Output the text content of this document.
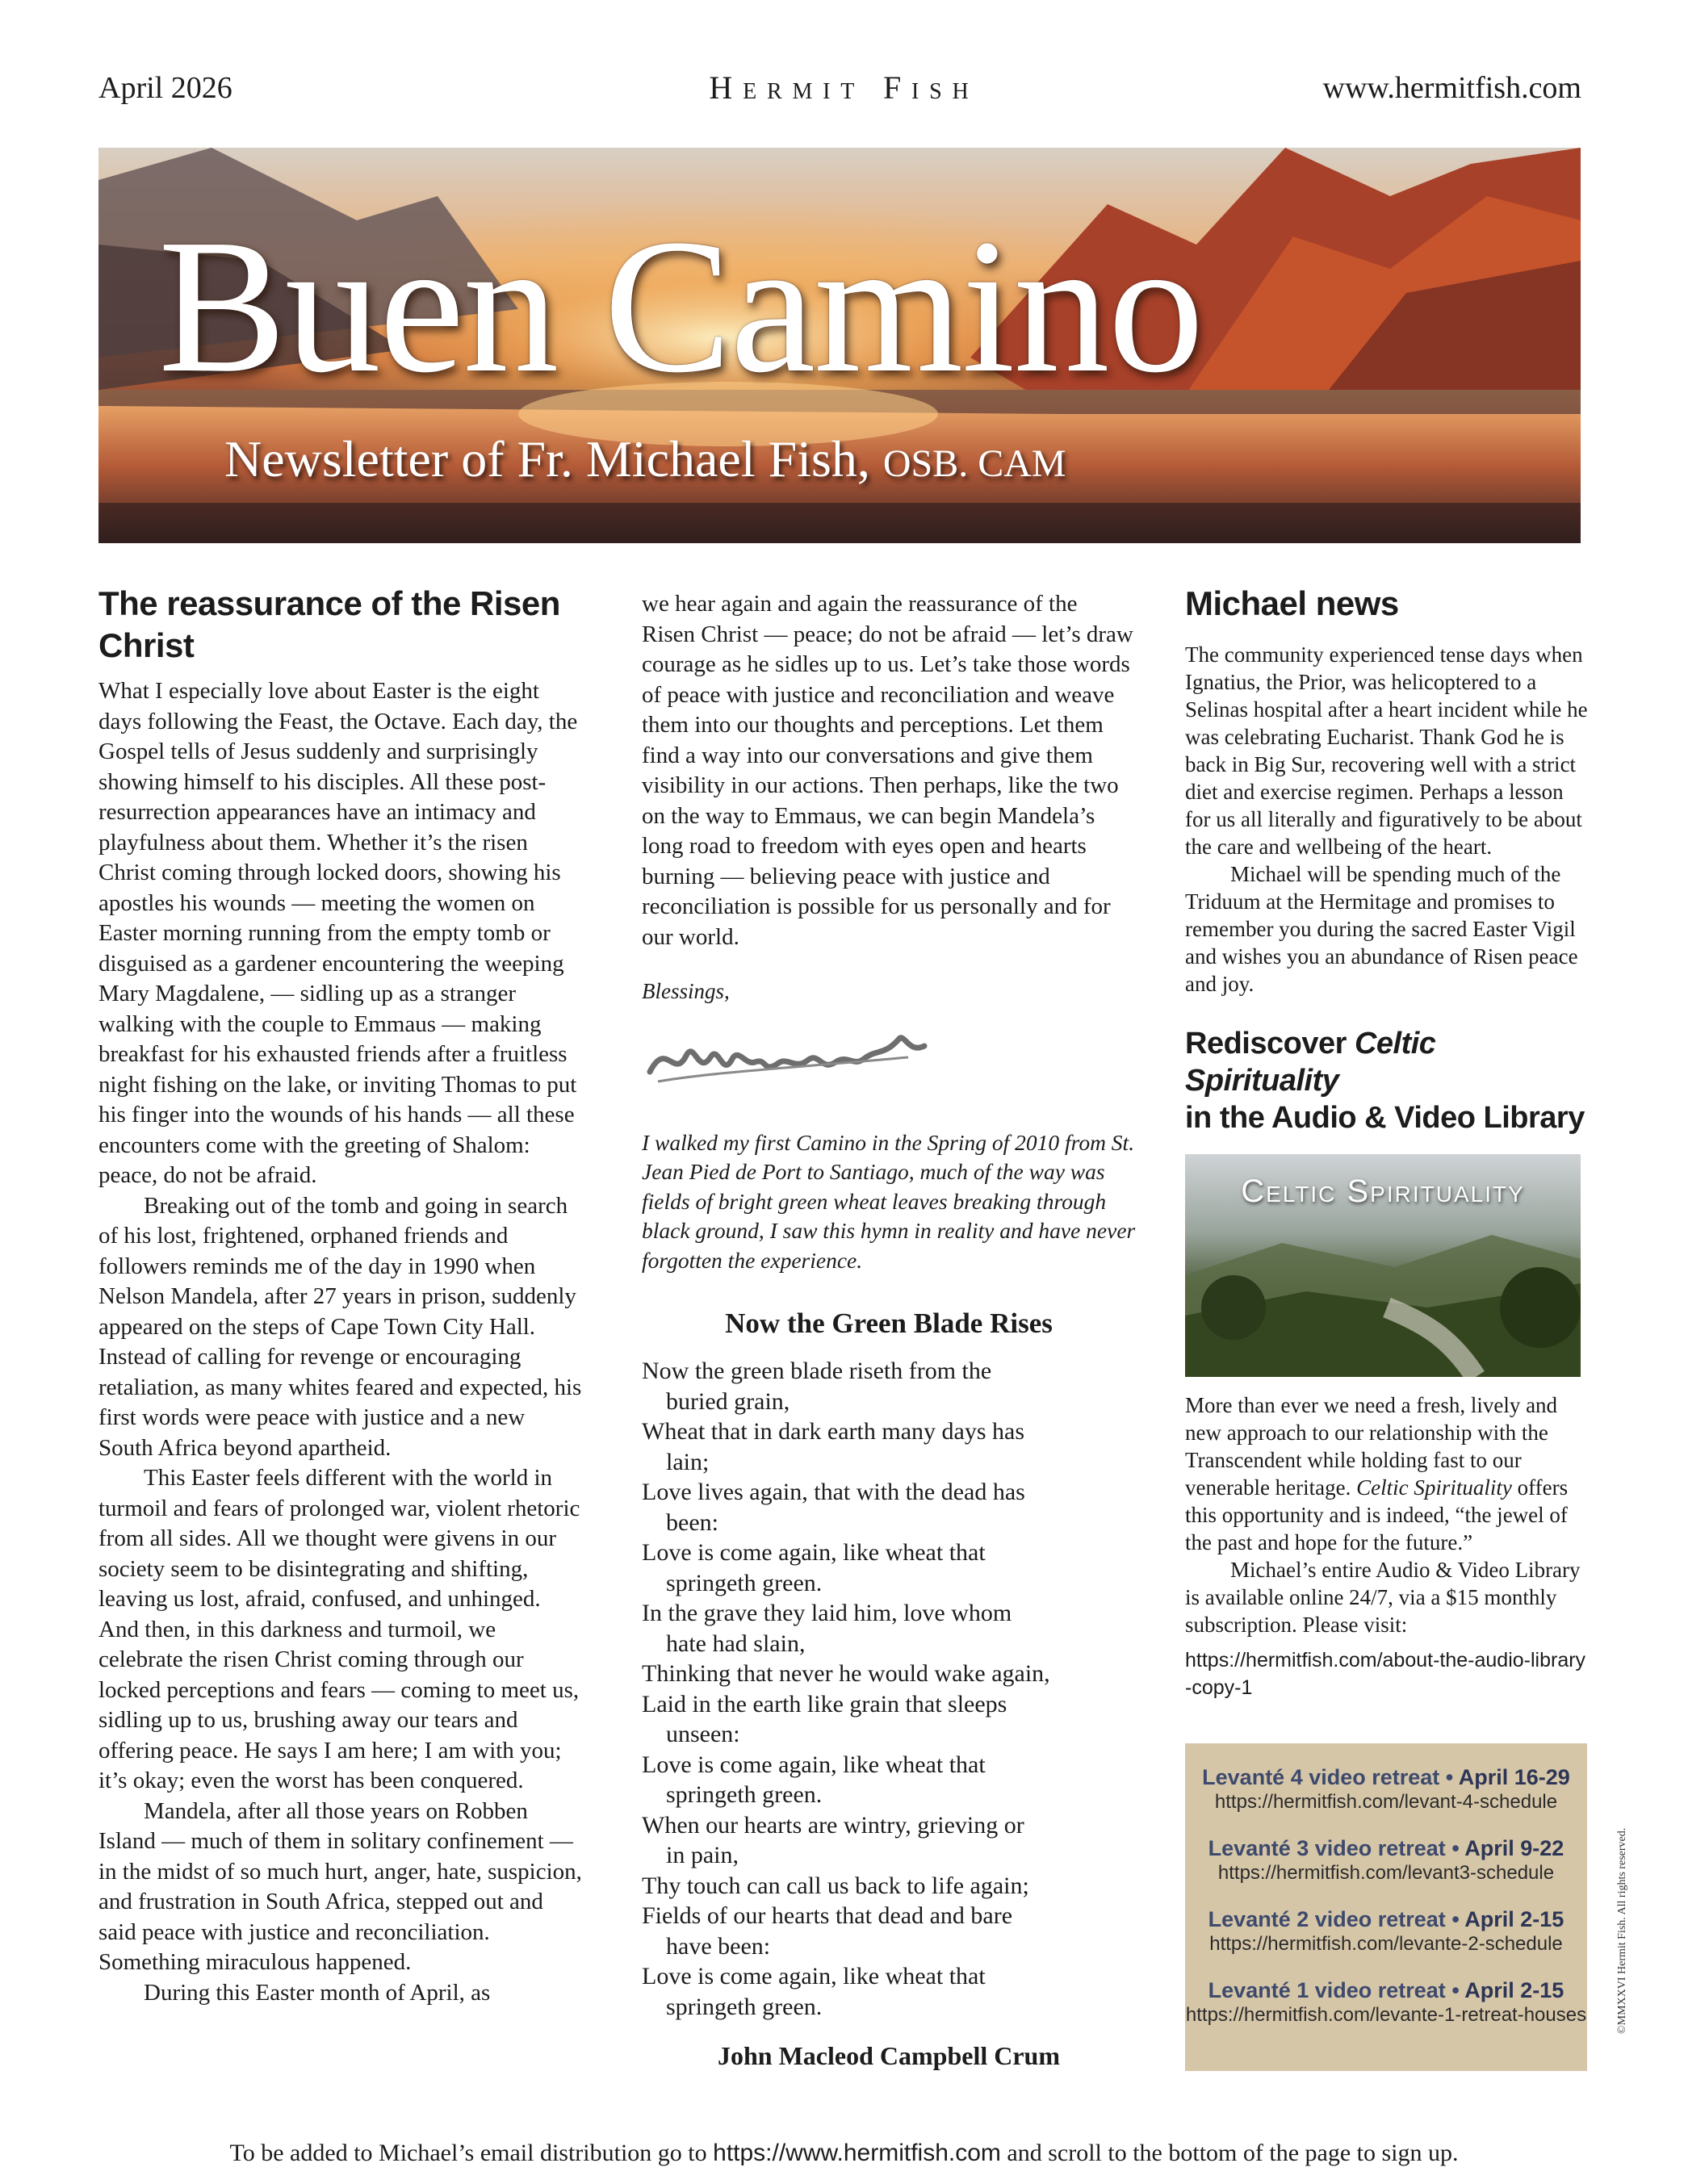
April 2026	Hermit Fish	www.hermitfish.com
Buen Camino
Newsletter of Fr. Michael Fish, OSB. CAM
The reassurance of the Risen Christ

What I especially love about Easter is the eight days following the Feast, the Octave. Each day, the Gospel tells of Jesus suddenly and surprisingly showing himself to his disciples. All these post-resurrection appearances have an intimacy and playfulness about them. Whether it’s the risen Christ coming through locked doors, showing his apostles his wounds — meeting the women on Easter morning running from the empty tomb or disguised as a gardener encountering the weeping Mary Magdalene, — sidling up as a stranger walking with the couple to Emmaus — making breakfast for his exhausted friends after a fruitless night fishing on the lake, or inviting Thomas to put his finger into the wounds of his hands — all these encounters come with the greeting of Shalom: peace, do not be afraid.

Breaking out of the tomb and going in search of his lost, frightened, orphaned friends and followers reminds me of the day in 1990 when Nelson Mandela, after 27 years in prison, suddenly appeared on the steps of Cape Town City Hall. Instead of calling for revenge or encouraging retaliation, as many whites feared and expected, his first words were peace with justice and a new South Africa beyond apartheid.

This Easter feels different with the world in turmoil and fears of prolonged war, violent rhetoric from all sides. All we thought were givens in our society seem to be disintegrating and shifting, leaving us lost, afraid, confused, and unhinged. And then, in this darkness and turmoil, we celebrate the risen Christ coming through our locked perceptions and fears — coming to meet us, sidling up to us, brushing away our tears and offering peace. He says I am here; I am with you; it’s okay; even the worst has been conquered.

Mandela, after all those years on Robben Island — much of them in solitary confinement — in the midst of so much hurt, anger, hate, suspicion, and frustration in South Africa, stepped out and said peace with justice and reconciliation. Something miraculous happened.

During this Easter month of April, as

we hear again and again the reassurance of the Risen Christ — peace; do not be afraid — let’s draw courage as he sidles up to us. Let’s take those words of peace with justice and reconciliation and weave them into our thoughts and perceptions. Let them find a way into our conversations and give them visibility in our actions. Then perhaps, like the two on the way to Emmaus, we can begin Mandela’s long road to freedom with eyes open and hearts burning — believing peace with justice and reconciliation is possible for us personally and for our world.

Blessings,

I walked my first Camino in the Spring of 2010 from St. Jean Pied de Port to Santiago, much of the way was fields of bright green wheat leaves breaking through black ground, I saw this hymn in reality and have never forgotten the experience.

Now the Green Blade Rises

Now the green blade riseth from the

buried grain,

Wheat that in dark earth many days has

lain;

Love lives again, that with the dead has

been:

Love is come again, like wheat that

springeth green.

In the grave they laid him, love whom

hate had slain,

Thinking that never he would wake again,

Laid in the earth like grain that sleeps

unseen:

Love is come again, like wheat that

springeth green.

When our hearts are wintry, grieving or

in pain,

Thy touch can call us back to life again;

Fields of our hearts that dead and bare

have been:

Love is come again, like wheat that

springeth green.

John Macleod Campbell Crum
Michael news

The community experienced tense days when Ignatius, the Prior, was helicoptered to a Selinas hospital after a heart incident while he was celebrating Eucharist. Thank God he is back in Big Sur, recovering well with a strict diet and exercise regimen. Perhaps a lesson for us all literally and figuratively to be about the care and wellbeing of the heart.

Michael will be spending much of the Triduum at the Hermitage and promises to remember you during the sacred Easter Vigil and wishes you an abundance of Risen peace and joy.

Rediscover Celtic Spirituality
in the Audio & Video Library
Celtic Spirituality

More than ever we need a fresh, lively and new approach to our relationship with the Transcendent while holding fast to our venerable heritage. Celtic Spirituality offers this opportunity and is indeed, “the jewel of the past and hope for the future.”

Michael’s entire Audio & Video Library is available online 24/7, via a $15 monthly subscription. Please visit:

https://hermitfish.com/about-the-audio-library-copy-1

Levanté 4 video retreat • April 16-29
https://hermitfish.com/levant-4-schedule
Levanté 3 video retreat • April 9-22
https://hermitfish.com/levant3-schedule
Levanté 2 video retreat • April 2-15
https://hermitfish.com/levante-2-schedule
Levanté 1 video retreat • April 2-15
https://hermitfish.com/levante-1-retreat-houses	©MMXXVI Hermit Fish. All rights reserved.
To be added to Michael’s email distribution go to https://www.hermitfish.com and scroll to the bottom of the page to sign up.
